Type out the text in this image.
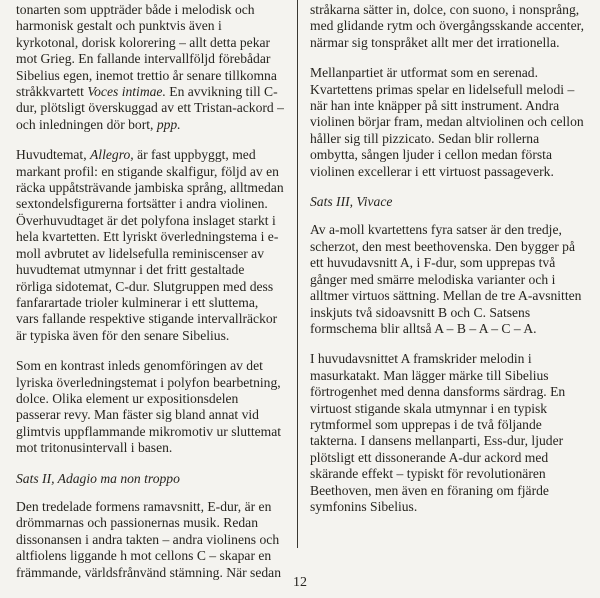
tonarten som uppträder både i melodisk och harmonisk gestalt och punktvis även i kyrkotonal, dorisk kolorering – allt detta pekar mot Grieg. En fallande intervallföljd förebådar Sibelius egen, inemot trettio år senare tillkomna stråkkvartett Voces intimae. En avvikning till C-dur, plötsligt överskuggad av ett Tristan-ackord – och inledningen dör bort, ppp.

Huvudtemat, Allegro, är fast uppbyggt, med markant profil: en stigande skalfigur, följd av en räcka uppåtsträvande jambiska språng, alltmedan sextondelsfigurerna fortsätter i andra violinen. Överhuvudtaget är det polyfona inslaget starkt i hela kvartetten. Ett lyriskt överledningstema i e-moll avbrutet av lidelsefulla reminiscenser av huvudtemat utmynnar i det fritt gestaltade rörliga sidotemat, C-dur. Slutgruppen med dess fanfarartade trioler kulminerar i ett sluttema, vars fallande respektive stigande intervallräckor är typiska även för den senare Sibelius.

Som en kontrast inleds genomföringen av det lyriska överledningstemat i polyfon bearbetning, dolce. Olika element ur expositionsdelen passerar revy. Man fäster sig bland annat vid glimtvis uppflammande mikromotiv ur sluttemat mot tritonusintervall i basen.

Sats II, Adagio ma non troppo

Den tredelade formens ramavsnitt, E-dur, är en drömmarnas och passionernas musik. Redan dissonansen i andra takten – andra violinens och altfiolens liggande h mot cellons C – skapar en främmande, världsfrånvänd stämning. När sedan

stråkarna sätter in, dolce, con suono, i nonsprång, med glidande rytm och övergångsskande accenter, närmar sig tonspråket allt mer det irrationella.

Mellanpartiet är utformat som en serenad. Kvartettens primas spelar en lidelsefull melodi – när han inte knäpper på sitt instrument. Andra violinen börjar fram, medan altviolinen och cellon håller sig till pizzicato. Sedan blir rollerna ombytta, sången ljuder i cellon medan första violinen excellerar i ett virtuost passageverk.

Sats III, Vivace

Av a-moll kvartettens fyra satser är den tredje, scherzot, den mest beethovenska. Den bygger på ett huvudavsnitt A, i F-dur, som upprepas två gånger med smärre melodiska varianter och i alltmer virtuos sättning. Mellan de tre A-avsnitten inskjuts två sidoavsnitt B och C. Satsens formschema blir alltså A – B – A – C – A.

I huvudavsnittet A framskrider melodin i masurkatakt. Man lägger märke till Sibelius förtrogenhet med denna dansforms särdrag. En virtuost stigande skala utmynnar i en typisk rytmformel som upprepas i de två följande takterna. I dansens mellanparti, Ess-dur, ljuder plötsligt ett dissonerande A-dur ackord med skärande effekt – typiskt för revolutionären Beethoven, men även en föraning om fjärde symfonins Sibelius.

12
